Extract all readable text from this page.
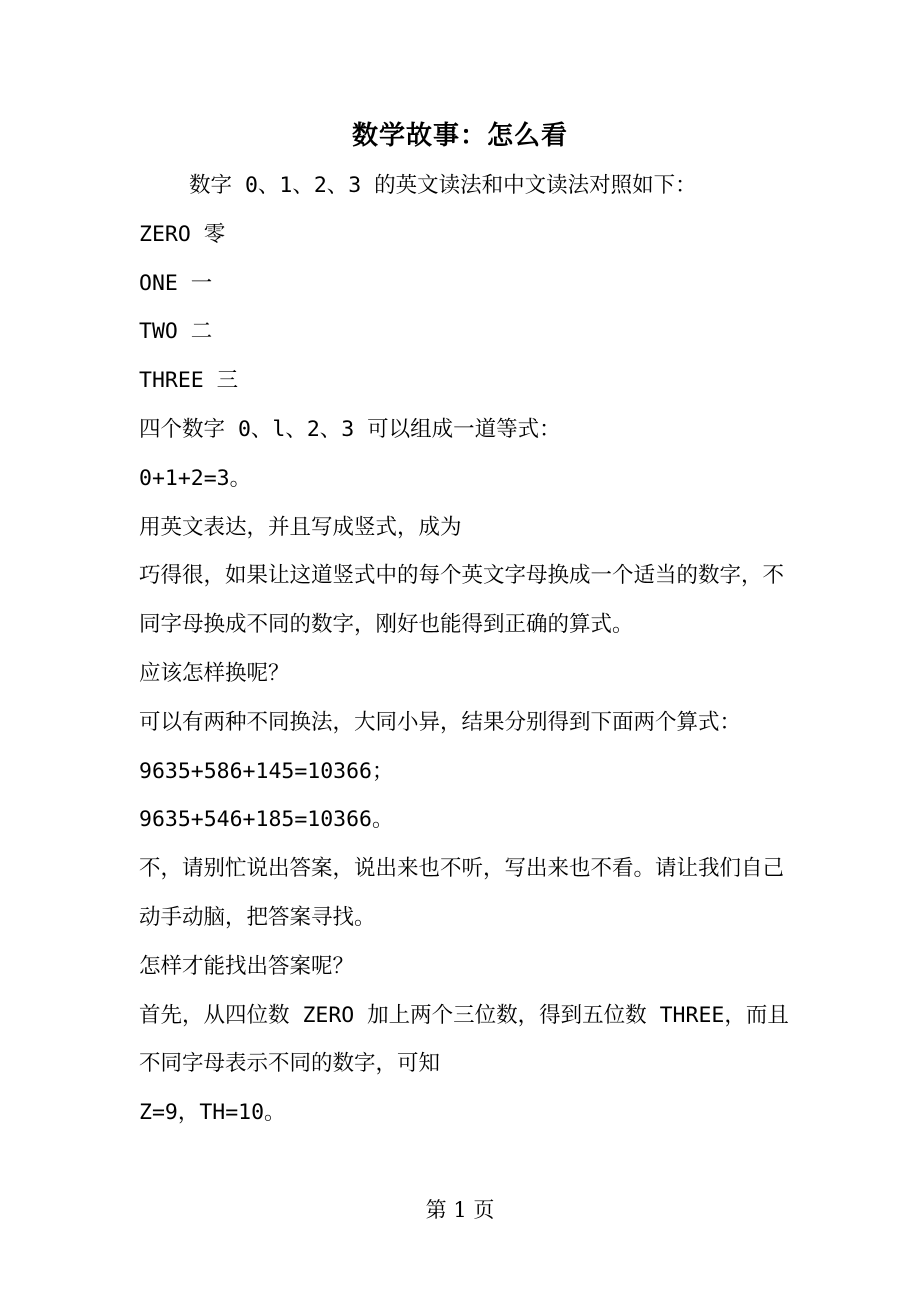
数学故事：怎么看

数字 0、1、2、3 的英文读法和中文读法对照如下：

ZERO 零

ONE 一

TWO 二

THREE 三

四个数字 0、l、2、3 可以组成一道等式：

0+1+2=3。

用英文表达，并且写成竖式，成为

巧得很，如果让这道竖式中的每个英文字母换成一个适当的数字，不同字母换成不同的数字，刚好也能得到正确的算式。

应该怎样换呢？

可以有两种不同换法，大同小异，结果分别得到下面两个算式：

9635+586+145=10366；

9635+546+185=10366。

不，请别忙说出答案，说出来也不听，写出来也不看。请让我们自己动手动脑，把答案寻找。

怎样才能找出答案呢？

首先，从四位数 ZERO 加上两个三位数，得到五位数 THREE，而且不同字母表示不同的数字，可知

Z=9，TH=10。

第 1 页
